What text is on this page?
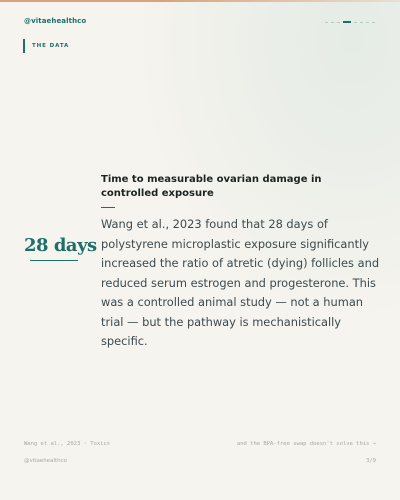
@vitaehealthco
THE DATA
28 days
Time to measurable ovarian damage in controlled exposure
Wang et al., 2023 found that 28 days of polystyrene microplastic exposure significantly increased the ratio of atretic (dying) follicles and reduced serum estrogen and progesterone. This was a controlled animal study — not a human trial — but the pathway is mechanistically specific.
Wang et al., 2023 · Toxics	and the BPA-free swap doesn't solve this →
@vitaehealthco	3/9
